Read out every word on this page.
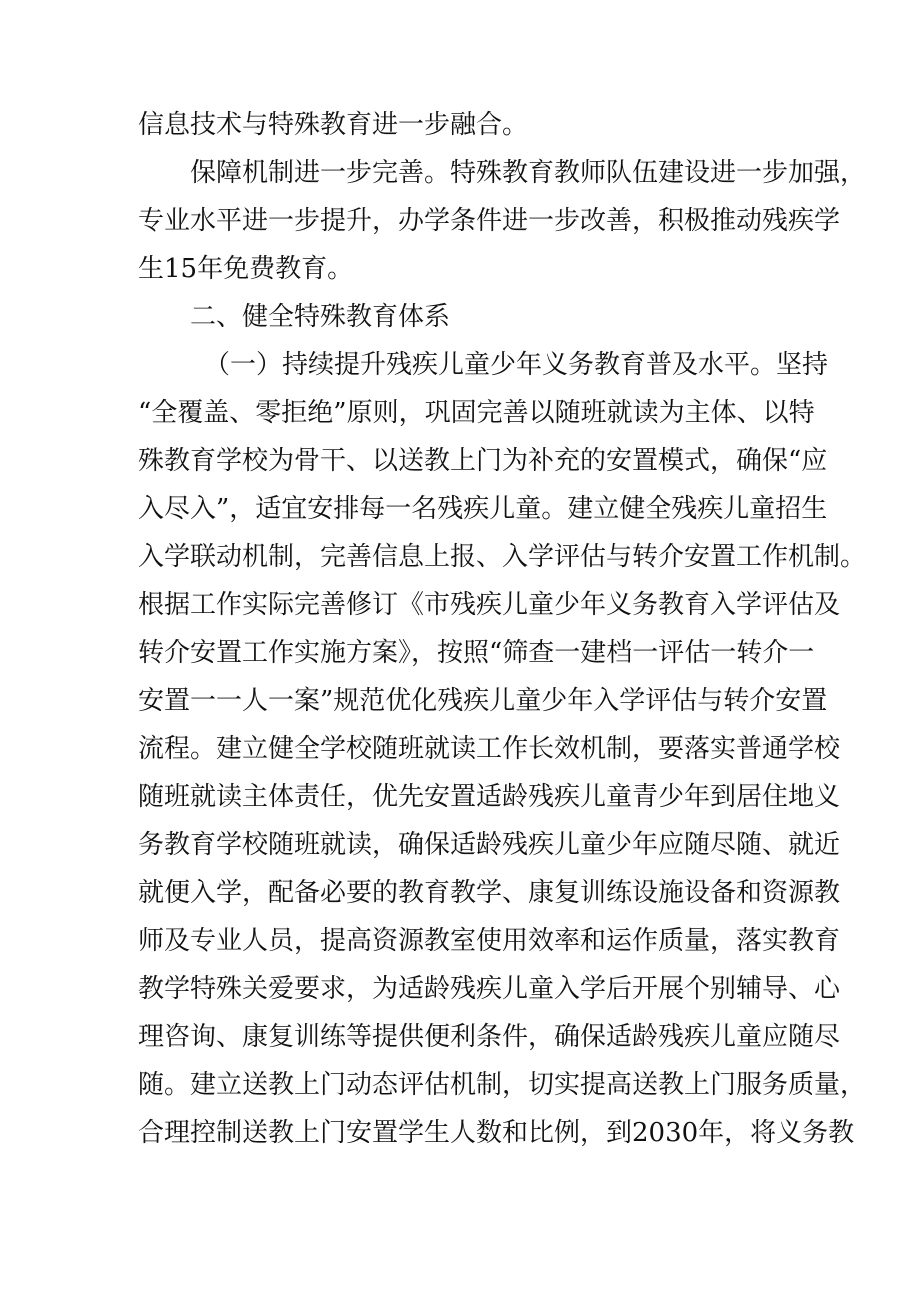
信息技术与特殊教育进一步融合。
保障机制进一步完善。特殊教育教师队伍建设进一步加强，
专业水平进一步提升，办学条件进一步改善，积极推动残疾学
生15年免费教育。
二、健全特殊教育体系
（一）持续提升残疾儿童少年义务教育普及水平。坚持
“全覆盖、零拒绝”原则，巩固完善以随班就读为主体、以特
殊教育学校为骨干、以送教上门为补充的安置模式，确保“应
入尽入”，适宜安排每一名残疾儿童。建立健全残疾儿童招生
入学联动机制，完善信息上报、入学评估与转介安置工作机制。
根据工作实际完善修订《市残疾儿童少年义务教育入学评估及
转介安置工作实施方案》，按照“筛查一建档一评估一转介一
安置一一人一案”规范优化残疾儿童少年入学评估与转介安置
流程。建立健全学校随班就读工作长效机制，要落实普通学校
随班就读主体责任，优先安置适龄残疾儿童青少年到居住地义
务教育学校随班就读，确保适龄残疾儿童少年应随尽随、就近
就便入学，配备必要的教育教学、康复训练设施设备和资源教
师及专业人员，提高资源教室使用效率和运作质量，落实教育
教学特殊关爱要求，为适龄残疾儿童入学后开展个别辅导、心
理咨询、康复训练等提供便利条件，确保适龄残疾儿童应随尽
随。建立送教上门动态评估机制，切实提高送教上门服务质量，
合理控制送教上门安置学生人数和比例，到2030年，将义务教
